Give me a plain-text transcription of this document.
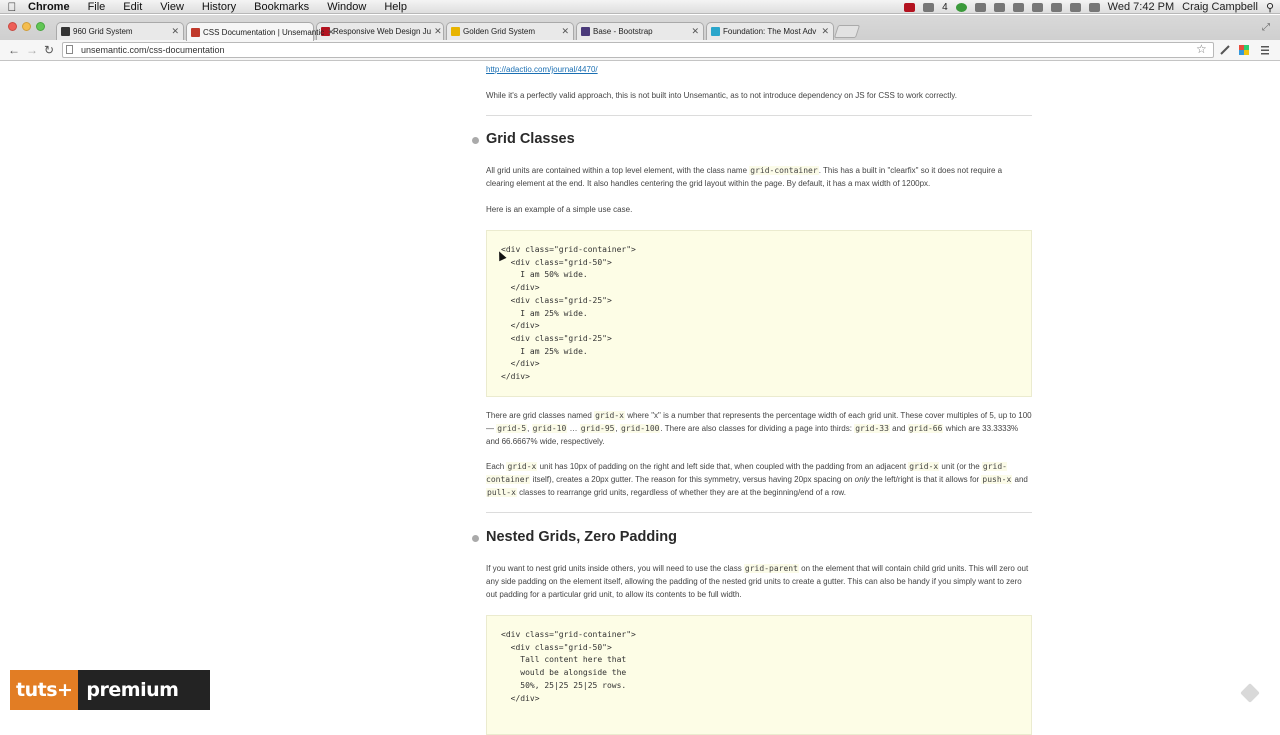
Chrome	File	Edit	View	History	Bookmarks	Window	Help	4	Wed 7:42 PM Craig Campbell ⚲
960 Grid System	✕	CSS Documentation | Unsemantic ✕
Responsive Web Design Ju ✕	Golden Grid System	✕	Base - Bootstrap	✕	Foundation: The Most Adv ✕	⤢
← → ↻	unsemantic.com/css-documentation	☆
http://adactio.com/journal/4470/
While it's a perfectly valid approach, this is not built into Unsemantic, as to not introduce dependency on JS for CSS to work correctly.
Grid Classes
All grid units are contained within a top level element, with the class name grid-container. This has a built in "clearfix" so it does not require a clearing element at the end. It also handles centering the grid layout within the page. By default, it has a max width of 1200px.
Here is an example of a simple use case.
<div class="grid-container">
<div class="grid-50">
I am 50% wide.
</div>
<div class="grid-25">
I am 25% wide.
</div>
<div class="grid-25">
I am 25% wide.
</div>
</div>
There are grid classes named grid-x where "x" is a number that represents the percentage width of each grid unit. These cover multiples of 5, up to 100 — grid-5, grid-10 … grid-95, grid-100. There are also classes for dividing a page into thirds: grid-33 and grid-66 which are 33.3333% and 66.6667% wide, respectively.
Each grid-x unit has 10px of padding on the right and left side that, when coupled with the padding from an adjacent grid-x unit (or the grid-container itself), creates a 20px gutter. The reason for this symmetry, versus having 20px spacing on only the left/right is that it allows for push-x and pull-x classes to rearrange grid units, regardless of whether they are at the beginning/end of a row.
Nested Grids, Zero Padding
If you want to nest grid units inside others, you will need to use the class grid-parent on the element that will contain child grid units. This will zero out any side padding on the element itself, allowing the padding of the nested grid units to create a gutter. This can also be handy if you simply want to zero out padding for a particular grid unit, to allow its contents to be full width.
<div class="grid-container">
<div class="grid-50">
Tall content here that
would be alongside the
50%, 25|25 25|25 rows.
</div>
tuts+ premium
